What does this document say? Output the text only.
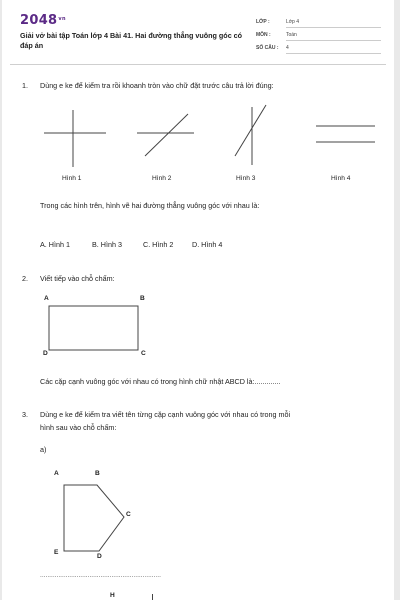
$2048^{vn}$
Giải vở bài tập Toán lớp 4 Bài 41. Hai đường thẳng vuông góc có đáp án
LỚP :	Lớp 4
MÔN :	Toán
SỐ CÂU : 4
1. Dùng e ke để kiểm tra rồi khoanh tròn vào chữ đặt trước câu trả lời đúng:
Hình 1	Hình 2	Hình 3	Hình 4
Trong các hình trên, hình vẽ hai đường thẳng vuông góc với nhau là:
A. Hình 1	B. Hình 3	C. Hình 2	D. Hình 4
2. Viết tiếp vào chỗ chấm:
A	B
C
D
Các cặp cạnh vuông góc với nhau có trong hình chữ nhật ABCD là:.............
3. Dùng e ke để kiểm tra viết tên từng cặp cạnh vuông góc với nhau có trong mỗi
hình sau vào chỗ chấm:
a)
A	B
C
D
E
..................................................................
H
